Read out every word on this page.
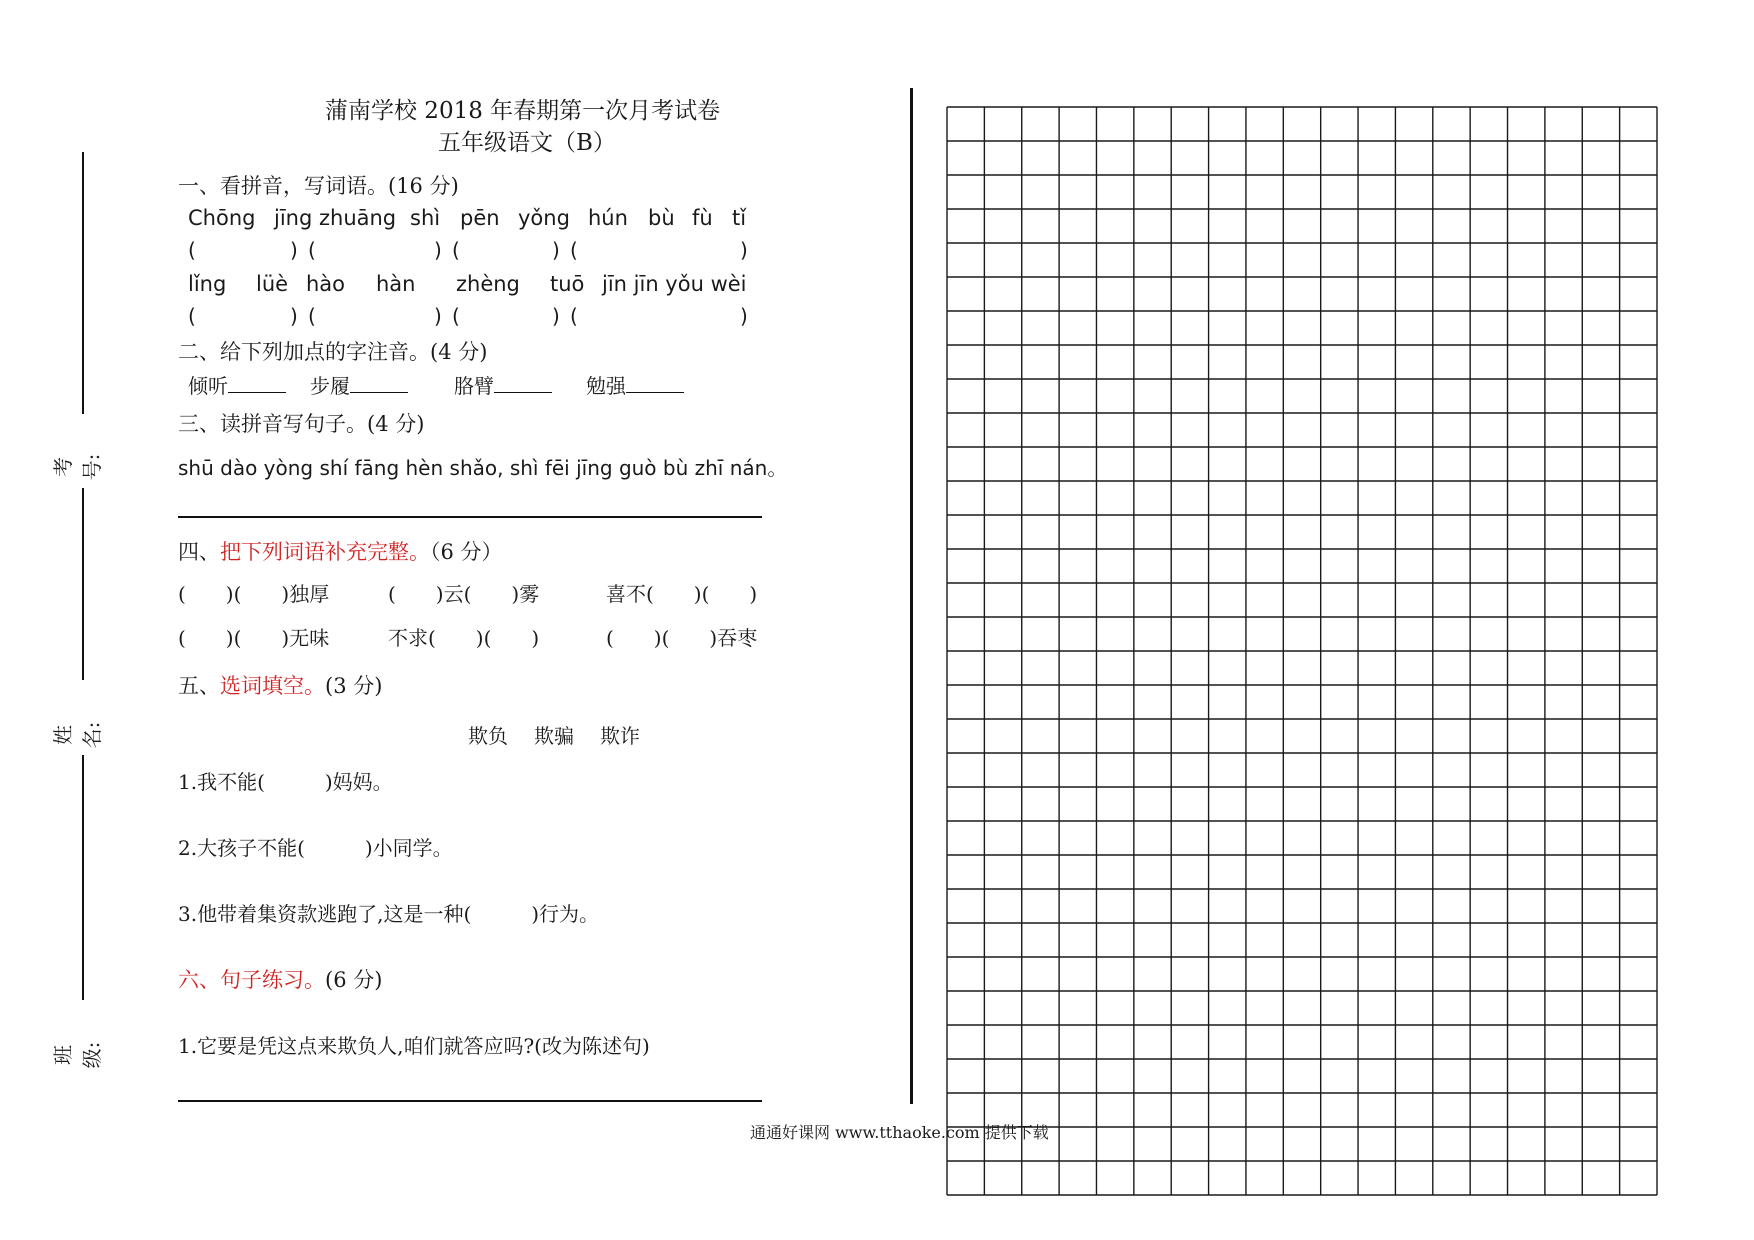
考号:
姓名:
班级:
蒲南学校 2018 年春期第一次月考试卷
五年级语文（B）
一、看拼音，写词语。(16 分)
Chōng jīng zhuāng shì pēn yǒng hún bù fù tǐ
(	) (	) (	) (	)
lǐng lüè hào hàn zhèng tuō jīn jīn yǒu wèi
(	) (	) (	) (	)
二、给下列加点的字注音。(4 分)
倾听	步履	胳臂	勉强
三、读拼音写句子。(4 分)
shū dào yòng shí fāng hèn shǎo, shì fēi jīng guò bù zhī nán。
四、把下列词语补充完整。（6 分）
(　　)(　　)独厚	(　　)云(　　)雾	喜不(　　)(　　)
(　　)(　　)无味	不求(　　)(　　)	(　　)(　　)吞枣
五、选词填空。(3 分)
欺负 欺骗 欺诈
1.我不能(　　　)妈妈。
2.大孩子不能(　　　)小同学。
3.他带着集资款逃跑了,这是一种(　　　)行为。
六、句子练习。(6 分)
1.它要是凭这点来欺负人,咱们就答应吗?(改为陈述句)
通通好课网 www.tthaoke.com 提供下载
